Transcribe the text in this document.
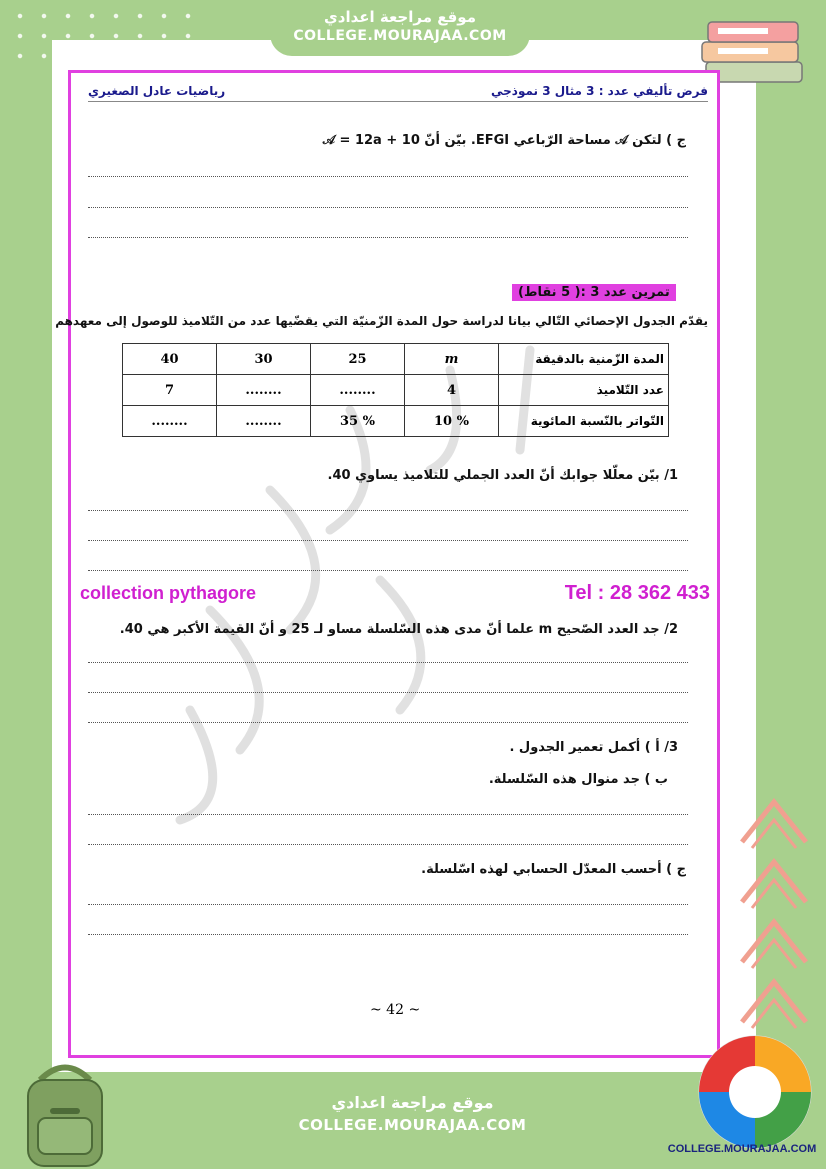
موقع مراجعة اعدادي
COLLEGE.MOURAJAA.COM
فرض تأليفي عدد : 3 مثال 3 نموذجي
رياضيات عادل الصغيري
ج ) لتكن 𝒜 مساحة الرّباعي EFGI. بيّن أنّ 𝒜 = 12a + 10
تمرين عدد 3 :( 5 نقاط)
يقدّم الجدول الإحصائي التّالي بيانا لدراسة حول المدة الزّمنيّة التي يقضّيها عدد من التّلاميذ للوصول إلى معهدهم
المدة الزّمنية بالدقيقة	m	25	30	40
عدد التّلاميذ	4	........	........	7
التّواتر بالنّسبة المائوية	% 10	% 35	........	........
1/ بيّن معلّلا جوابك أنّ العدد الجملي للتلاميذ يساوي 40.
collection pythagore	Tel : 28 362 433
2/ جد العدد الصّحيح m علما أنّ مدى هذه السّلسلة مساو لـ 25 و أنّ القيمة الأكبر هي 40.
3/ أ ) أكمل تعمير الجدول .
ب ) جد منوال هذه السّلسلة.
ج ) أحسب المعدّل الحسابي لهذه اسّلسلة.
~ 42 ~
موقع مراجعة اعدادي
COLLEGE.MOURAJAA.COM
COLLEGE.MOURAJAA.COM
